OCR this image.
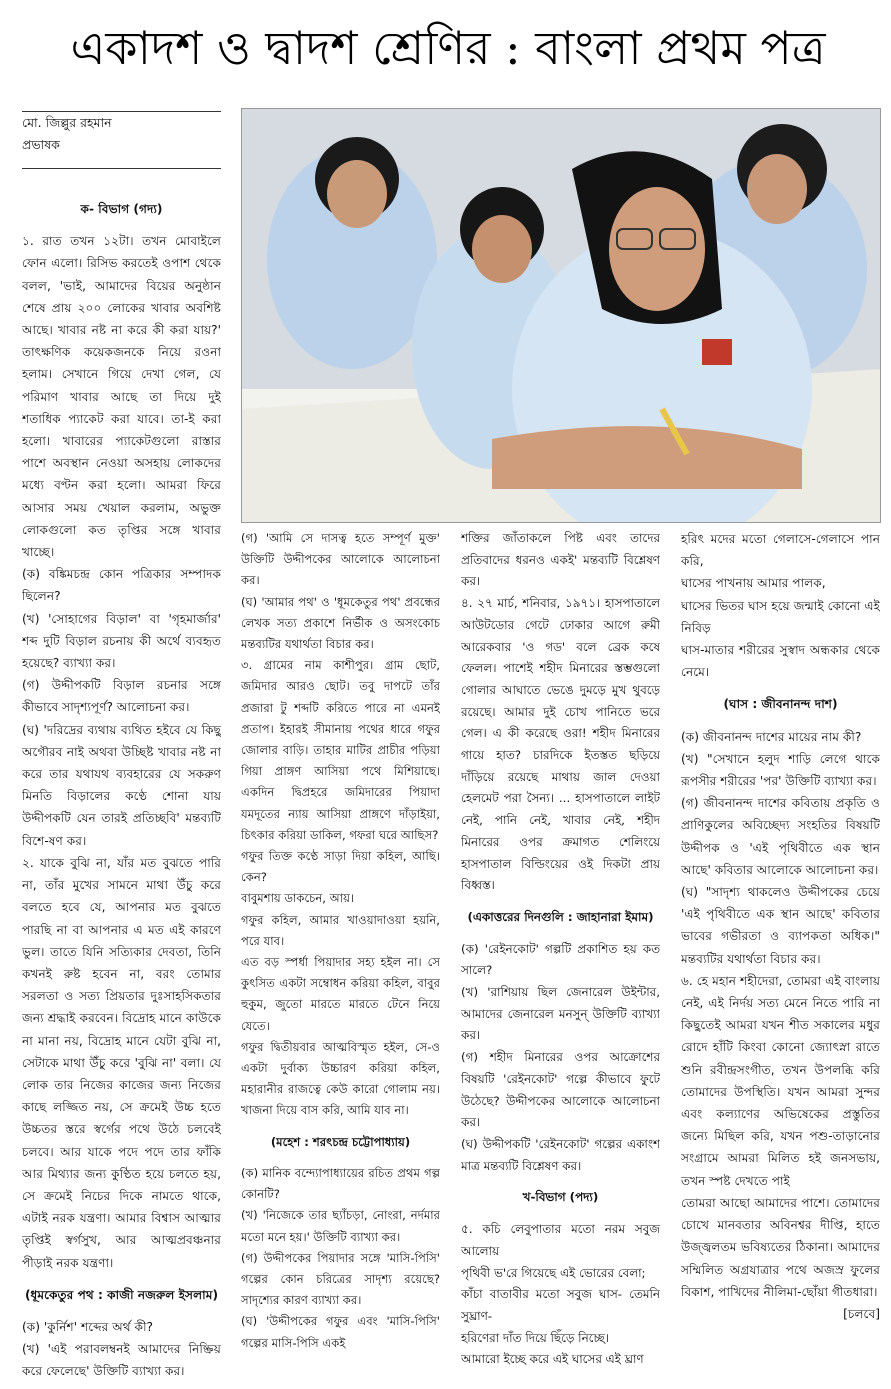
একাদশ ও দ্বাদশ শ্রেণির : বাংলা প্রথম পত্র
মো. জিল্লুর রহমান
প্রভাষক

ক- বিভাগ (গদ্য)

১. রাত তখন ১২টা। তখন মোবাইলে ফোন এলো। রিসিভ করতেই ওপাশ থেকে বলল, 'ভাই, আমাদের বিয়ের অনুষ্ঠান শেষে প্রায় ২০০ লোকের খাবার অবশিষ্ট আছে। খাবার নষ্ট না করে কী করা যায়?' তাৎক্ষণিক কয়েকজনকে নিয়ে রওনা হলাম। সেখানে গিয়ে দেখা গেল, যে পরিমাণ খাবার আছে তা দিয়ে দুই শতাধিক প্যাকেট করা যাবে। তা-ই করা হলো। খাবারের প্যাকেটগুলো রাস্তার পাশে অবস্থান নেওয়া অসহায় লোকদের মধ্যে বণ্টন করা হলো। আমরা ফিরে আসার সময় খেয়াল করলাম, অভুক্ত লোকগুলো কত তৃপ্তির সঙ্গে খাবার খাচ্ছে।

(ক) বঙ্কিমচন্দ্র কোন পত্রিকার সম্পাদক ছিলেন?

(খ) 'সোহাগের বিড়াল' বা 'গৃহমার্জার' শব্দ দুটি বিড়াল রচনায় কী অর্থে ব্যবহৃত হয়েছে? ব্যাখ্যা কর।

(গ) উদ্দীপকটি বিড়াল রচনার সঙ্গে কীভাবে সাদৃশ্যপূর্ণ? আলোচনা কর।

(ঘ) 'দরিদ্রের ব্যথায় ব্যথিত হইবে যে কিছু অগৌরব নাই অথবা উচ্ছিষ্ট খাবার নষ্ট না করে তার যথাযথ ব্যবহারের যে সকরুণ মিনতি বিড়ালের কণ্ঠে শোনা যায় উদ্দীপকটি যেন তারই প্রতিচ্ছবি' মন্তব্যটি বিশে-ষণ কর।

২. যাকে বুঝি না, যাঁর মত বুঝতে পারি না, তাঁর মুখের সামনে মাথা উঁচু করে বলতে হবে যে, আপনার মত বুঝতে পারছি না বা আপনার এ মত এই কারণে ভুল। তাতে যিনি সত্যিকার দেবতা, তিনি কখনই রুষ্ট হবেন না, বরং তোমার সরলতা ও সত্য প্রিয়তার দুঃসাহসিকতার জন্য শ্রদ্ধাই করবেন। বিদ্রোহ মানে কাউকে না মানা নয়, বিদ্রোহ মানে যেটা বুঝি না, সেটাকে মাথা উঁচু করে 'বুঝি না' বলা। যে লোক তার নিজের কাজের জন্য নিজের কাছে লজ্জিত নয়, সে ক্রমেই উচ্চ হতে উচ্চতর স্তরে স্বর্গের পথে উঠে চলবেই চলবে। আর যাকে পদে পদে তার ফাঁকি আর মিথ্যার জন্য কুণ্ঠিত হয়ে চলতে হয়, সে ক্রমেই নিচের দিকে নামতে থাকে, এটাই নরক যন্ত্রণা। আমার বিশ্বাস আত্মার তৃপ্তিই স্বর্গসুখ, আর আত্মপ্রবঞ্চনার পীড়াই নরক যন্ত্রণা।

(ধূমকেতুর পথ : কাজী নজরুল ইসলাম)

(ক) 'কুর্নিশ' শব্দের অর্থ কী?

(খ) 'এই পরাবলম্বনই আমাদের নিষ্ক্রিয় করে ফেলেছে' উক্তিটি ব্যাখ্যা কর।

(গ) 'আমি সে দাসত্ব হতে সম্পূর্ণ মুক্ত' উক্তিটি উদ্দীপকের আলোকে আলোচনা কর।

(ঘ) 'আমার পথ' ও 'ধূমকেতুর পথ' প্রবন্ধের লেখক সত্য প্রকাশে নির্ভীক ও অসংকোচ মন্তব্যটির যথার্থতা বিচার কর।

৩. গ্রামের নাম কাশীপুর। গ্রাম ছোট, জমিদার আরও ছোট। তবু দাপটে তাঁর প্রজারা টু শব্দটি করিতে পারে না এমনই প্রতাপ। ইহারই সীমানায় পথের ধারে গফুর জোলার বাড়ি। তাহার মাটির প্রাচীর পড়িয়া গিয়া প্রাঙ্গণ আসিয়া পথে মিশিয়াছে। একদিন দ্বিপ্রহরে জমিদারের পিয়াদা যমদূতের ন্যায় আসিয়া প্রাঙ্গণে দাঁড়াইয়া, চিৎকার করিয়া ডাকিল, গফরা ঘরে আছিস?

গফুর তিক্ত কণ্ঠে সাড়া দিয়া কহিল, আছি। কেন?

বাবুমশায় ডাকচেন, আয়।

গফুর কহিল, আমার খাওয়াদাওয়া হয়নি, পরে যাব।

এত বড় স্পর্ধা পিয়াদার সহ্য হইল না। সে কুৎসিত একটা সম্বোধন করিয়া কহিল, বাবুর হুকুম, জুতো মারতে মারতে টেনে নিয়ে যেতে।

গফুর দ্বিতীয়বার আত্মবিস্মৃত হইল, সে-ও একটা দুর্বাক্য উচ্চারণ করিয়া কহিল, মহারানীর রাজত্বে কেউ কারো গোলাম নয়। খাজনা দিয়ে বাস করি, আমি যাব না।

(মহেশ : শরৎচন্দ্র চট্টোপাধ্যায়)

(ক) মানিক বন্দ্যোপাধ্যায়ের রচিত প্রথম গল্প কোনটি?

(খ) 'নিজেকে তার ছ্যাঁচড়া, নোংরা, নর্দমার মতো মনে হয়।' উক্তিটি ব্যাখ্যা কর।

(গ) উদ্দীপকের পিয়াদার সঙ্গে 'মাসি-পিসি' গল্পের কোন চরিত্রের সাদৃশ্য রয়েছে? সাদৃশ্যের কারণ ব্যাখ্যা কর।

(ঘ) 'উদ্দীপকের গফুর এবং 'মাসি-পিসি' গল্পের মাসি-পিসি একই

শক্তির জাঁতাকলে পিষ্ট এবং তাদের প্রতিবাদের ধরনও একই' মন্তব্যটি বিশ্লেষণ কর।

৪. ২৭ মার্চ, শনিবার, ১৯৭১। হাসপাতালে আউটডোর গেটে ঢোকার আগে রুমী আরেকবার 'ও গড' বলে ব্রেক কষে ফেলল। পাশেই শহীদ মিনারের স্তম্ভগুলো গোলার আঘাতে ভেঙে দুমড়ে মুখ থুবড়ে রয়েছে। আমার দুই চোখ পানিতে ভরে গেল। এ কী করেছে ওরা! শহীদ মিনারের গায়ে হাত? চারদিকে ইতস্তত ছড়িয়ে দাঁড়িয়ে রয়েছে মাথায় জাল দেওয়া হেলমেট পরা সৈন্য। ... হাসপাতালে লাইট নেই, পানি নেই, খাবার নেই, শহীদ মিনারের ওপর ক্রমাগত শেলিংয়ে হাসপাতাল বিল্ডিংয়ের ওই দিকটা প্রায় বিধ্বস্ত।

(একাত্তরের দিনগুলি : জাহানারা ইমাম)

(ক) 'রেইনকোট' গল্পটি প্রকাশিত হয় কত সালে?

(খ) 'রাশিয়ায় ছিল জেনারেল উইন্টার, আমাদের জেনারেল মনসুন্ উক্তিটি ব্যাখ্যা কর।

(গ) শহীদ মিনারের ওপর আক্রোশের বিষয়টি 'রেইনকোট' গল্পে কীভাবে ফুটে উঠেছে? উদ্দীপকের আলোকে আলোচনা কর।

(ঘ) উদ্দীপকটি 'রেইনকোট' গল্পের একাংশ মাত্র মন্তব্যটি বিশ্লেষণ কর।

খ-বিভাগ (পদ্য)

৫. কচি লেবুপাতার মতো নরম সবুজ আলোয়

পৃথিবী ভ'রে গিয়েছে এই ভোরের বেলা;

কাঁচা বাতাবীর মতো সবুজ ঘাস- তেমনি সুঘ্রাণ-

হরিণেরা দাঁত দিয়ে ছিঁড়ে নিচ্ছে।

আমারো ইচ্ছে করে এই ঘাসের এই ঘ্রাণ

হরিৎ মদের মতো গেলাসে-গেলাসে পান করি,

ঘাসের পাখনায় আমার পালক,

ঘাসের ভিতর ঘাস হয়ে জন্মাই কোনো এই নিবিড়

ঘাস-মাতার শরীরের সুস্বাদ অন্ধকার থেকে নেমে।

(ঘাস : জীবনানন্দ দাশ)

(ক) জীবনানন্দ দাশের মায়ের নাম কী?

(খ) "সেখানে হলুদ শাড়ি লেগে থাকে রূপসীর শরীরের 'পর' উক্তিটি ব্যাখ্যা কর।

(গ) জীবনানন্দ দাশের কবিতায় প্রকৃতি ও প্রাণিকুলের অবিচ্ছেদ্য সংহতির বিষয়টি উদ্দীপক ও 'এই পৃথিবীতে এক স্থান আছে' কবিতার আলোকে আলোচনা কর।

(ঘ) "সাদৃশ্য থাকলেও উদ্দীপকের চেয়ে 'এই পৃথিবীতে এক স্থান আছে' কবিতার ভাবের গভীরতা ও ব্যাপকতা অধিক।" মন্তব্যটির যথার্থতা বিচার কর।

৬. হে মহান শহীদেরা, তোমরা এই বাংলায় নেই, এই নির্দয় সত্য মেনে নিতে পারি না কিছুতেই আমরা যখন শীত সকালের মধুর রোদে হাঁটি কিংবা কোনো জ্যোৎস্না রাতে শুনি রবীন্দ্রসংগীত, তখন উপলব্ধি করি তোমাদের উপস্থিতি। যখন আমরা সুন্দর এবং কল্যাণের অভিষেকের প্রস্তুতির জন্যে মিছিল করি, যখন পশু-তাড়ানোর সংগ্রামে আমরা মিলিত হই জনসভায়, তখন স্পষ্ট দেখতে পাই

তোমরা আছো আমাদের পাশে। তোমাদের চোখে মানবতার অবিনশ্বর দীপ্তি, হাতে উজ্জ্বলতম ভবিষ্যতের ঠিকানা। আমাদের সম্মিলিত অগ্রযাত্রার পথে অজস্র ফুলের বিকাশ, পাখিদের নীলিমা-ছোঁয়া গীতধারা।

[চলবে]
